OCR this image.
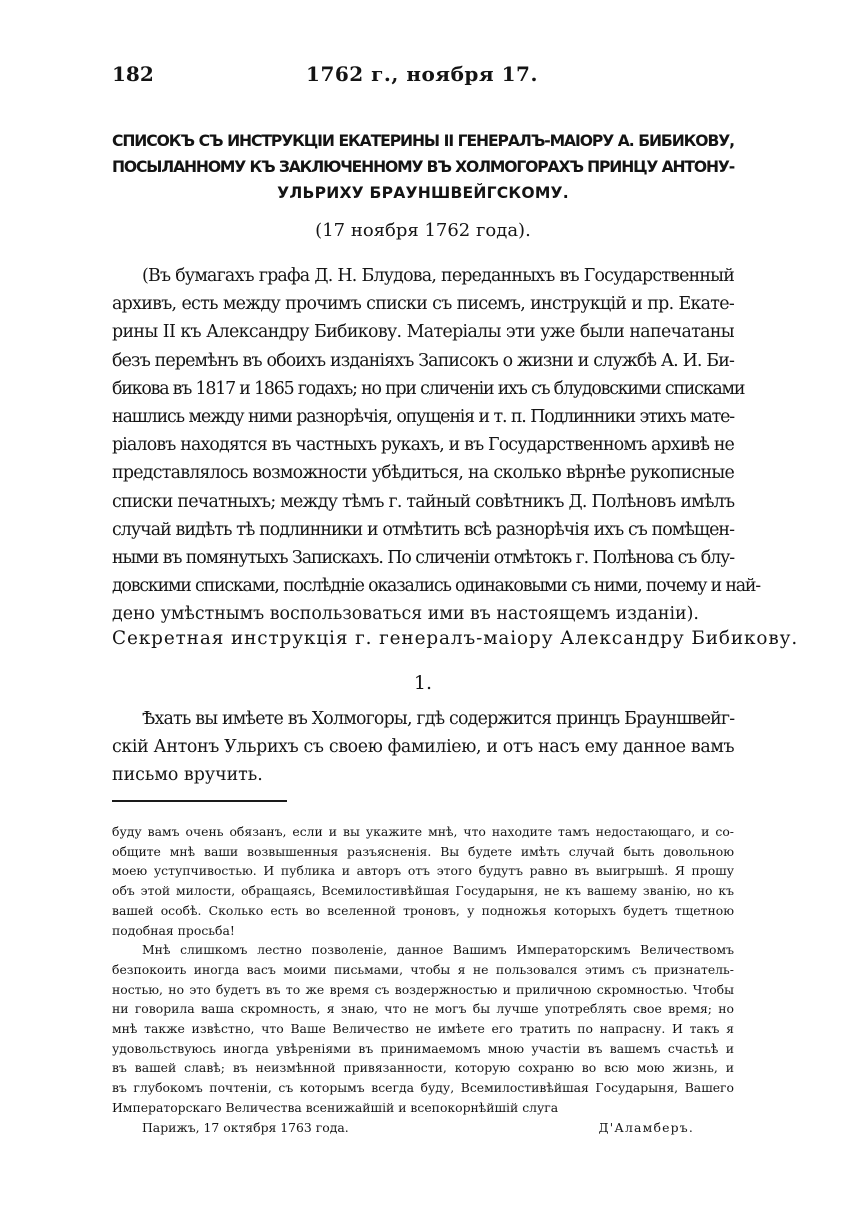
182	1762 г., ноября 17.
СПИСОКЪ СЪ ИНСТРУКЦІИ ЕКАТЕРИНЫ II ГЕНЕРАЛЪ-МАІОРУ А. БИБИКОВУ,
ПОСЫЛАННОМУ КЪ ЗАКЛЮЧЕННОМУ ВЪ ХОЛМОГОРАХЪ ПРИНЦУ АНТОНУ-
УЛЬРИХУ БРАУНШВЕЙГСКОМУ.
(17 ноября 1762 года).
(Въ бумагахъ графа Д. Н. Блудова, переданныхъ въ Государственный
архивъ, есть между прочимъ списки съ писемъ, инструкцій и пр. Екате-
рины II къ Александру Бибикову. Матеріалы эти уже были напечатаны
безъ перемѣнъ въ обоихъ изданіяхъ Записокъ о жизни и службѣ А. И. Би-
бикова въ 1817 и 1865 годахъ; но при сличеніи ихъ съ блудовскими списками
нашлись между ними разнорѣчія, опущенія и т. п. Подлинники этихъ мате-
ріаловъ находятся въ частныхъ рукахъ, и въ Государственномъ архивѣ не
представлялось возможности убѣдиться, на сколько вѣрнѣе рукописные
списки печатныхъ; между тѣмъ г. тайный совѣтникъ Д. Полѣновъ имѣлъ
случай видѣть тѣ подлинники и отмѣтить всѣ разнорѣчія ихъ съ помѣщен-
ными въ помянутыхъ Запискахъ. По сличеніи отмѣтокъ г. Полѣнова съ блу-
довскими списками, послѣдніе оказались одинаковыми съ ними, почему и най-
дено умѣстнымъ воспользоваться ими въ настоящемъ изданіи).
Секретная инструкція г. генералъ-маіору Александру Бибикову.
1.
Ѣхать вы имѣете въ Холмогоры, гдѣ содержится принцъ Брауншвейг-
скій Антонъ Ульрихъ съ своею фамиліею, и отъ насъ ему данное вамъ
письмо вручить.
буду вамъ очень обязанъ, если и вы укажите мнѣ, что находите тамъ недостающаго, и со-
общите мнѣ ваши возвышенныя разъясненія. Вы будете имѣть случай быть довольною
моею уступчивостью. И публика и авторъ отъ этого будутъ равно въ выигрышѣ. Я прошу
объ этой милости, обращаясь, Всемилостивѣйшая Государыня, не къ вашему званію, но къ
вашей особѣ. Сколько есть во вселенной троновъ, у подножья которыхъ будетъ тщетною
подобная просьба!
Мнѣ слишкомъ лестно позволеніе, данное Вашимъ Императорскимъ Величествомъ
безпокоить иногда васъ моими письмами, чтобы я не пользовался этимъ съ признатель-
ностью, но это будетъ въ то же время съ воздержностью и приличною скромностью. Чтобы
ни говорила ваша скромность, я знаю, что не могъ бы лучше употреблять свое время; но
мнѣ также извѣстно, что Ваше Величество не имѣете его тратить по напрасну. И такъ я
удовольствуюсь иногда увѣреніями въ принимаемомъ мною участіи въ вашемъ счастьѣ и
въ вашей славѣ; въ неизмѣнной привязанности, которую сохраню во всю мою жизнь, и
въ глубокомъ почтеніи, съ которымъ всегда буду, Всемилостивѣйшая Государыня, Вашего
Императорскаго Величества всенижайшій и всепокорнѣйшій слуга
Парижъ, 17 октября 1763 года.	Д'Аламберъ.
